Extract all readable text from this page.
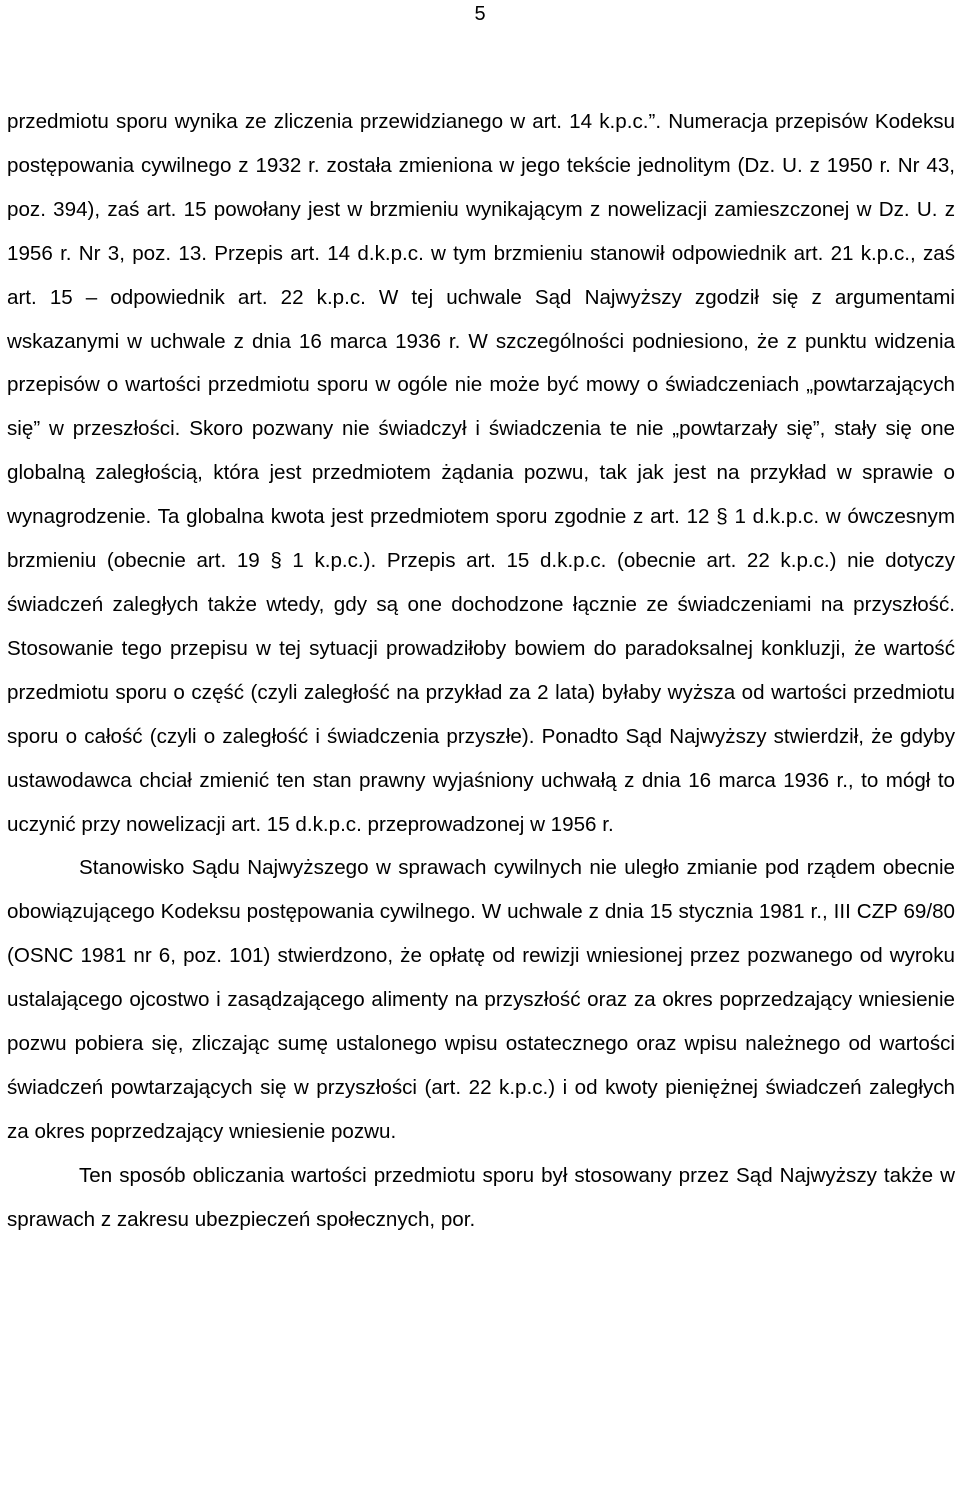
5

przedmiotu sporu wynika ze zliczenia przewidzianego w art. 14 k.p.c.”. Numeracja przepisów Kodeksu postępowania cywilnego z 1932 r. została zmieniona w jego tekście jednolitym (Dz. U. z 1950 r. Nr 43, poz. 394), zaś art. 15 powołany jest w brzmieniu wynikającym z nowelizacji zamieszczonej w Dz. U. z 1956 r. Nr 3, poz. 13. Przepis art. 14 d.k.p.c. w tym brzmieniu stanowił odpowiednik art. 21 k.p.c., zaś art. 15 – odpowiednik art. 22 k.p.c. W tej uchwale Sąd Najwyższy zgodził się z argumentami wskazanymi w uchwale z dnia 16 marca 1936 r. W szczególności podniesiono, że z punktu widzenia przepisów o wartości przedmiotu sporu w ogóle nie może być mowy o świadczeniach „powtarzających się” w przeszłości. Skoro pozwany nie świadczył i świadczenia te nie „powtarzały się”, stały się one globalną zaległością, która jest przedmiotem żądania pozwu, tak jak jest na przykład w sprawie o wynagrodzenie. Ta globalna kwota jest przedmiotem sporu zgodnie z art. 12 § 1 d.k.p.c. w ówczesnym brzmieniu (obecnie art. 19 § 1 k.p.c.). Przepis art. 15 d.k.p.c. (obecnie art. 22 k.p.c.) nie dotyczy świadczeń zaległych także wtedy, gdy są one dochodzone łącznie ze świadczeniami na przyszłość. Stosowanie tego przepisu w tej sytuacji prowadziłoby bowiem do paradoksalnej konkluzji, że wartość przedmiotu sporu o część (czyli zaległość na przykład za 2 lata) byłaby wyższa od wartości przedmiotu sporu o całość (czyli o zaległość i świadczenia przyszłe). Ponadto Sąd Najwyższy stwierdził, że gdyby ustawodawca chciał zmienić ten stan prawny wyjaśniony uchwałą z dnia 16 marca 1936 r., to mógł to uczynić przy nowelizacji art. 15 d.k.p.c. przeprowadzonej w 1956 r.

Stanowisko Sądu Najwyższego w sprawach cywilnych nie uległo zmianie pod rządem obecnie obowiązującego Kodeksu postępowania cywilnego. W uchwale z dnia 15 stycznia 1981 r., III CZP 69/80 (OSNC 1981 nr 6, poz. 101) stwierdzono, że opłatę od rewizji wniesionej przez pozwanego od wyroku ustalającego ojcostwo i zasądzającego alimenty na przyszłość oraz za okres poprzedzający wniesienie pozwu pobiera się, zliczając sumę ustalonego wpisu ostatecznego oraz wpisu należnego od wartości świadczeń powtarzających się w przyszłości (art. 22 k.p.c.) i od kwoty pieniężnej świadczeń zaległych za okres poprzedzający wniesienie pozwu.

Ten sposób obliczania wartości przedmiotu sporu był stosowany przez Sąd Najwyższy także w sprawach z zakresu ubezpieczeń społecznych, por.
